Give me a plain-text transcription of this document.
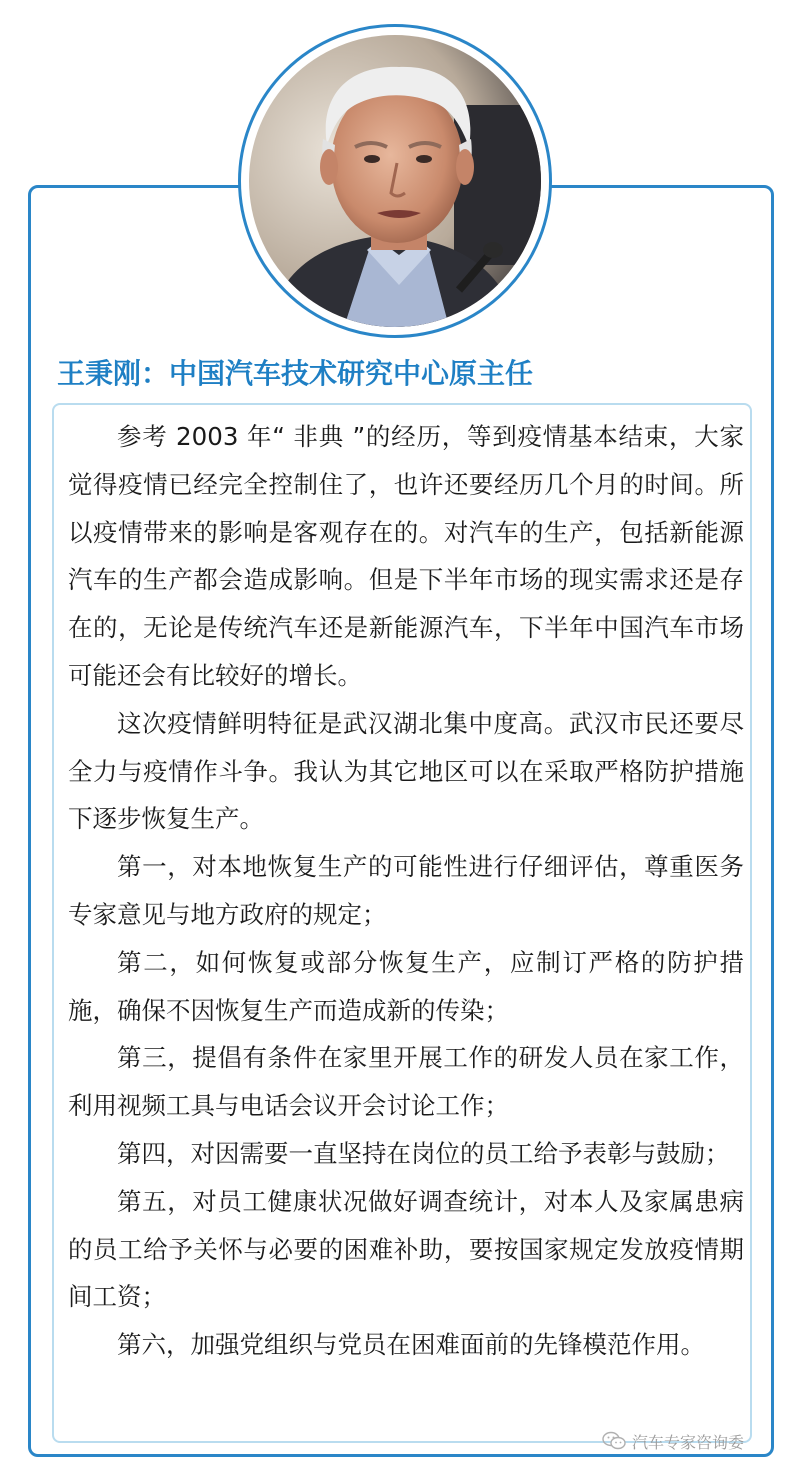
王秉刚：中国汽车技术研究中心原主任

参考 2003 年“ 非典 ”的经历，等到疫情基本结束，大家觉得疫情已经完全控制住了，也许还要经历几个月的时间。所以疫情带来的影响是客观存在的。对汽车的生产，包括新能源汽车的生产都会造成影响。但是下半年市场的现实需求还是存在的，无论是传统汽车还是新能源汽车，下半年中国汽车市场可能还会有比较好的增长。

这次疫情鲜明特征是武汉湖北集中度高。武汉市民还要尽全力与疫情作斗争。我认为其它地区可以在采取严格防护措施下逐步恢复生产。

第一，对本地恢复生产的可能性进行仔细评估，尊重医务专家意见与地方政府的规定；

第二，如何恢复或部分恢复生产，应制订严格的防护措施，确保不因恢复生产而造成新的传染；

第三，提倡有条件在家里开展工作的研发人员在家工作，利用视频工具与电话会议开会讨论工作；

第四，对因需要一直坚持在岗位的员工给予表彰与鼓励；

第五，对员工健康状况做好调查统计，对本人及家属患病的员工给予关怀与必要的困难补助，要按国家规定发放疫情期间工资；

第六，加强党组织与党员在困难面前的先锋模范作用。

汽车专家咨询委
